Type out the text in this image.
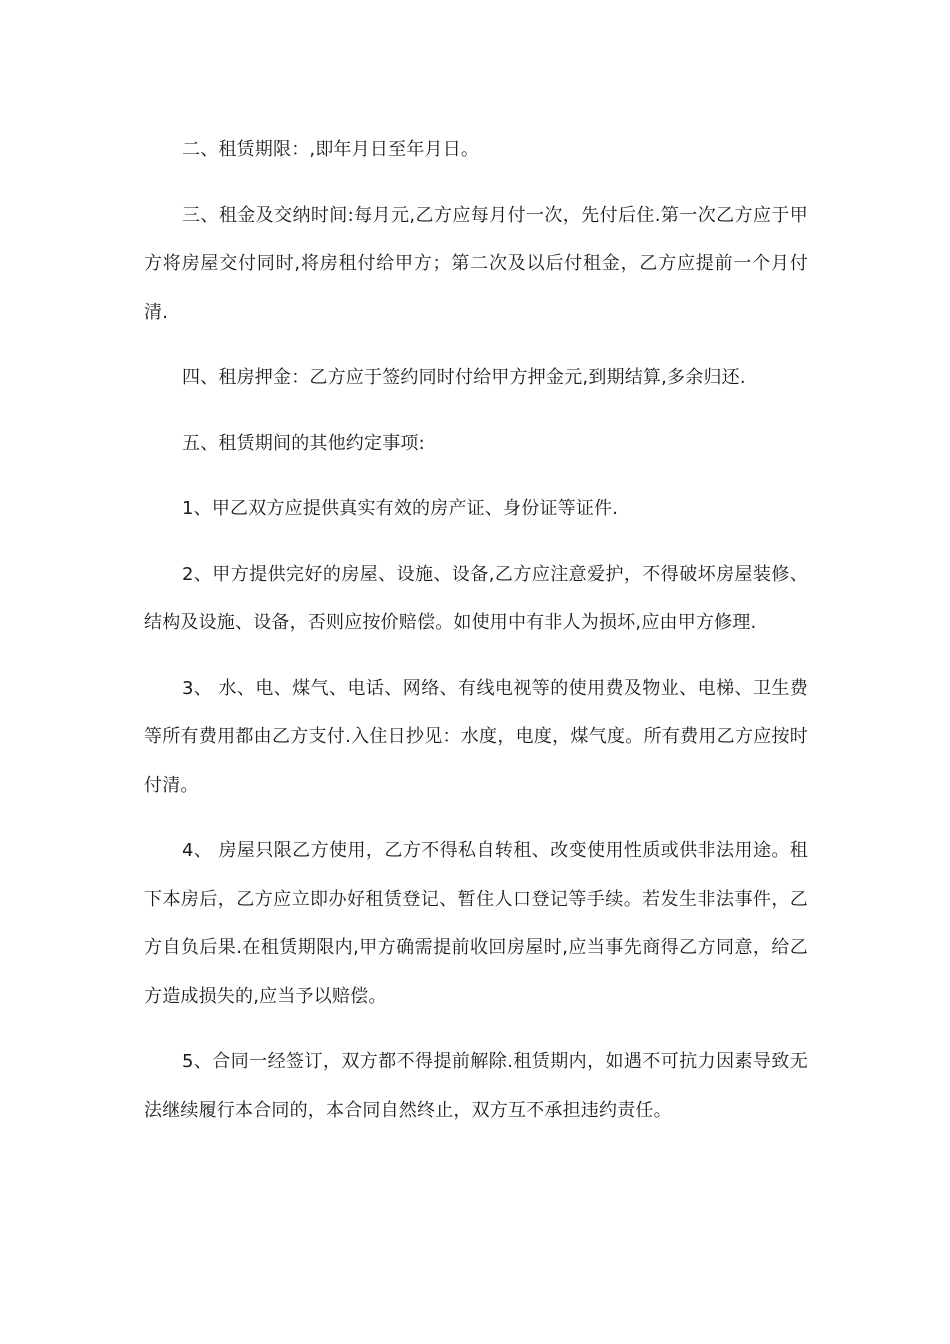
二、租赁期限：,即年月日至年月日。

三、租金及交纳时间:每月元,乙方应每月付一次，先付后住.第一次乙方应于甲方将房屋交付同时,将房租付给甲方；第二次及以后付租金，乙方应提前一个月付清.

四、租房押金：乙方应于签约同时付给甲方押金元,到期结算,多余归还.

五、租赁期间的其他约定事项:

1、甲乙双方应提供真实有效的房产证、身份证等证件.

2、甲方提供完好的房屋、设施、设备,乙方应注意爱护，不得破坏房屋装修、结构及设施、设备，否则应按价赔偿。如使用中有非人为损坏,应由甲方修理.

3、 水、电、煤气、电话、网络、有线电视等的使用费及物业、电梯、卫生费等所有费用都由乙方支付.入住日抄见：水度，电度，煤气度。所有费用乙方应按时付清。

4、 房屋只限乙方使用，乙方不得私自转租、改变使用性质或供非法用途。租下本房后，乙方应立即办好租赁登记、暂住人口登记等手续。若发生非法事件，乙方自负后果.在租赁期限内,甲方确需提前收回房屋时,应当事先商得乙方同意，给乙方造成损失的,应当予以赔偿。

5、合同一经签订，双方都不得提前解除.租赁期内，如遇不可抗力因素导致无法继续履行本合同的，本合同自然终止，双方互不承担违约责任。
